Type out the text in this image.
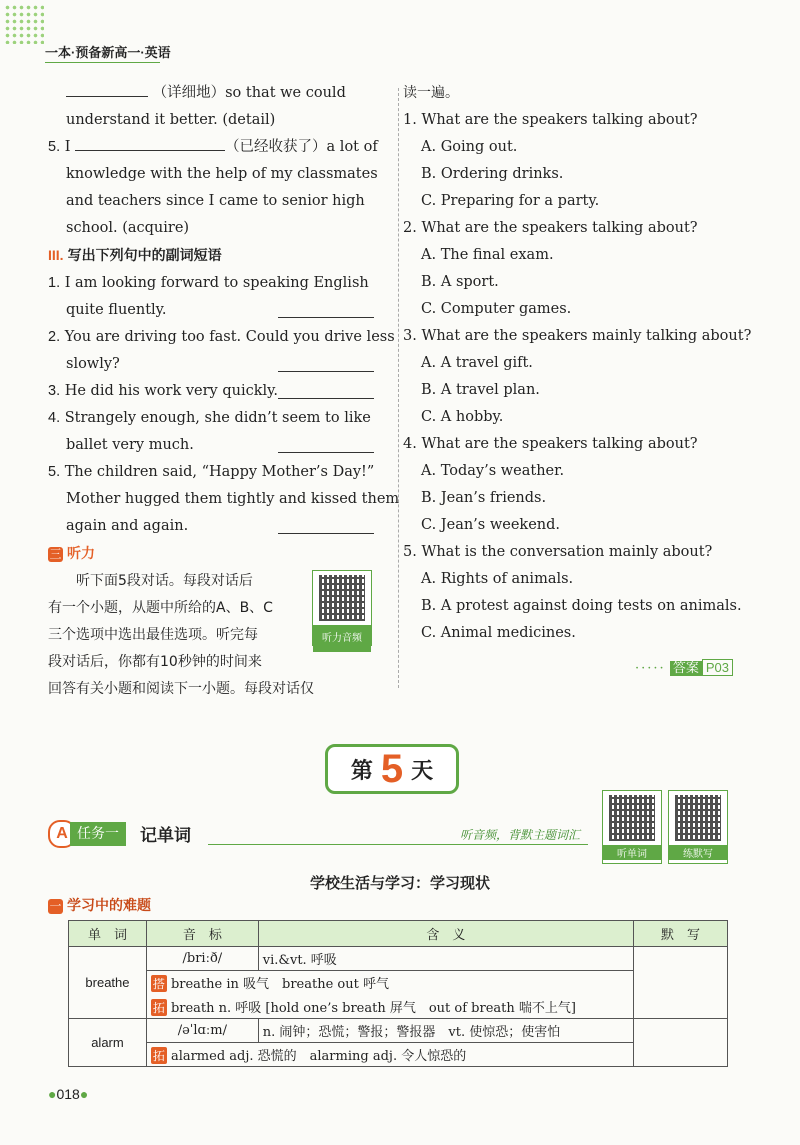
一本·预备新高一·英语
（详细地）so that we could
understand it better. (detail)
5. I	（已经收获了）a lot of
knowledge with the help of my classmates
and teachers since I came to senior high
school. (acquire)
III. 写出下列句中的副词短语
1. I am looking forward to speaking English
quite fluently.
2. You are driving too fast. Could you drive less
slowly?
3. He did his work very quickly.
4. Strangely enough, she didn’t seem to like
ballet very much.
5. The children said, “Happy Mother’s Day!”
Mother hugged them tightly and kissed them
again and again.
三 听力
听下面5段对话。每段对话后
有一个小题，从题中所给的A、B、C
三个选项中选出最佳选项。听完每
段对话后，你都有10秒钟的时间来
回答有关小题和阅读下一小题。每段对话仅
听力音频
读一遍。
1. What are the speakers talking about?
A. Going out.
B. Ordering drinks.
C. Preparing for a party.
2. What are the speakers talking about?
A. The final exam.
B. A sport.
C. Computer games.
3. What are the speakers mainly talking about?
A. A travel gift.
B. A travel plan.
C. A hobby.
4. What are the speakers talking about?
A. Today’s weather.
B. Jean’s friends.
C. Jean’s weekend.
5. What is the conversation mainly about?
A. Rights of animals.
B. A protest against doing tests on animals.
C. Animal medicines.
····· 答案 P03
第 5 天
A 任务一	记单词	听音频，背默主题词汇
听单词	练默写
学校生活与学习：学习现状
一 学习中的难题
单　词	音　标	含　义	默　写
breathe	/briːð/	vi.&vt. 呼吸	
	搭 breathe in 吸气　breathe out 呼气		
	拓 breath n. 呼吸 [hold one’s breath 屏气　out of breath 喘不上气]		
alarm	/əˈlɑːm/	n. 闹钟；恐慌；警报；警报器　vt. 使惊恐；使害怕	
	拓 alarmed adj. 恐慌的　alarming adj. 令人惊恐的		
●018●
